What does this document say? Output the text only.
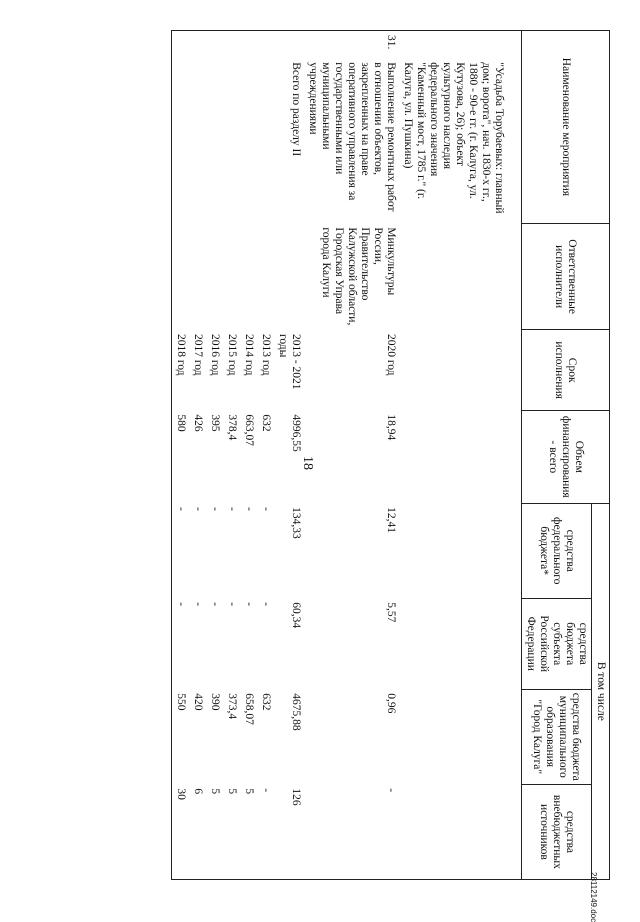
18
Наименование мероприятия		Ответственные исполнители	Срок исполнения	Объем финансирования - всего	В том числе			
					средства федерального бюджета*	средства бюджета субъекта Российской Федерации	средства бюджета муниципального образования "Город Калуга"	средства внебюджетных источников

	"Усадьба Торубаевых: главный дом; ворота", нач. 1830-х гг., 1880 - 90-е гг. (г. Калуга, ул. Кутузова, 26); объект культурного наследия федерального значения "Каменный мост, 1785 г." (г. Калуга, ул. Пушкина)							
31.	Выполнение ремонтных работ в отношении объектов, закрепленных на праве оперативного управления за государственными или муниципальными учреждениями	Минкультуры России, Правительство Калужской области, Городская Управа города Калуги	2020 год	18,94	12,41	5,57	0,96	-
	Всего по разделу II		2013 - 2021 годы	4996,55	134,33	60,34	4675,88	126
			2013 год	632	-	-	632	-
			2014 год	663,07	-	-	658,07	5
			2015 год	378,4	-	-	373,4	5
			2016 год	395	-	-	390	5
			2017 год	426	-	-	420	6
			2018 год	580	-	-	550	30
28112149.doc
